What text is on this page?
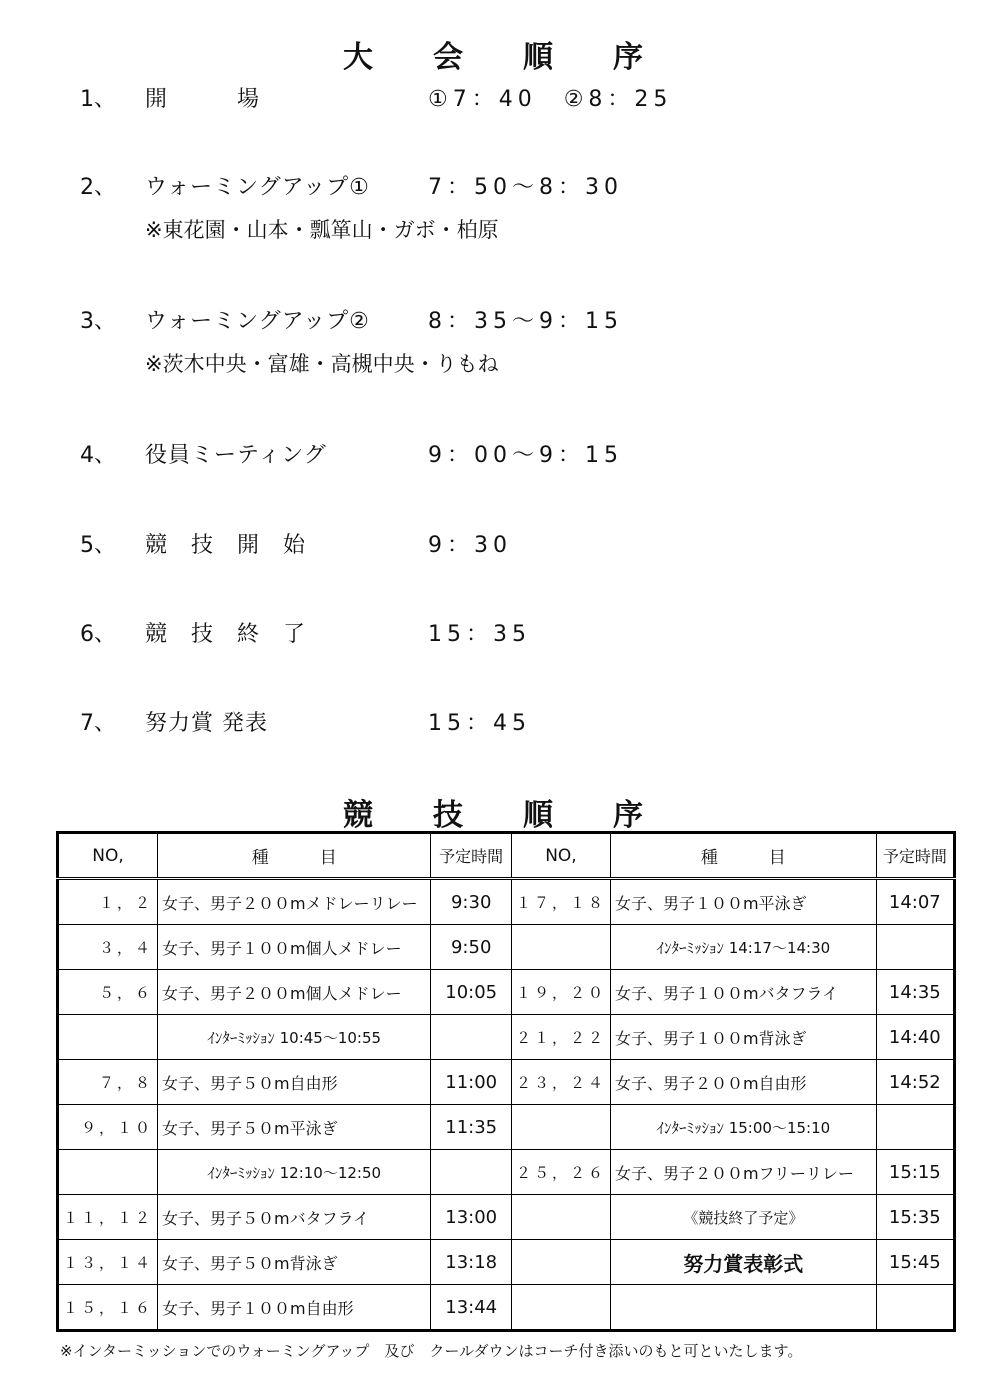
大 会 順 序
1、 開　　　場	①7：40　②8：25
2、 ウォーミングアップ①	7：50～8：30
※東花園・山本・瓢箪山・ガボ・柏原
3、 ウォーミングアップ②	8：35～9：15
※茨木中央・富雄・高槻中央・りもね
4、 役員ミーティング	9：00～9：15
5、 競　技　開　始	9：30
6、 競　技　終　了	15：35
7、 努力賞 発表	15：45
競 技 順 序
NO,	種　　　目	予定時間	NO,	種　　　目	予定時間
１，２	女子、男子２００mメドレーリレー	9:30	１７，１８	女子、男子１００m平泳ぎ	14:07
３，４	女子、男子１００m個人メドレー	9:50		ｲﾝﾀｰﾐｯｼｮﾝ 14:17～14:30	
５，６	女子、男子２００m個人メドレー	10:05	１９，２０	女子、男子１００mバタフライ	14:35
	ｲﾝﾀｰﾐｯｼｮﾝ 10:45～10:55		２１，２２	女子、男子１００m背泳ぎ	14:40
７，８	女子、男子５０m自由形	11:00	２３，２４	女子、男子２００m自由形	14:52
９，１０	女子、男子５０m平泳ぎ	11:35		ｲﾝﾀｰﾐｯｼｮﾝ 15:00～15:10	
	ｲﾝﾀｰﾐｯｼｮﾝ 12:10～12:50		２５，２６	女子、男子２００mフリーリレー	15:15
１１，１２	女子、男子５０mバタフライ	13:00		《競技終了予定》	15:35
１３，１４	女子、男子５０m背泳ぎ	13:18		努力賞表彰式	15:45
１５，１６	女子、男子１００m自由形	13:44			
※インターミッションでのウォーミングアップ　及び　クールダウンはコーチ付き添いのもと可といたします。
